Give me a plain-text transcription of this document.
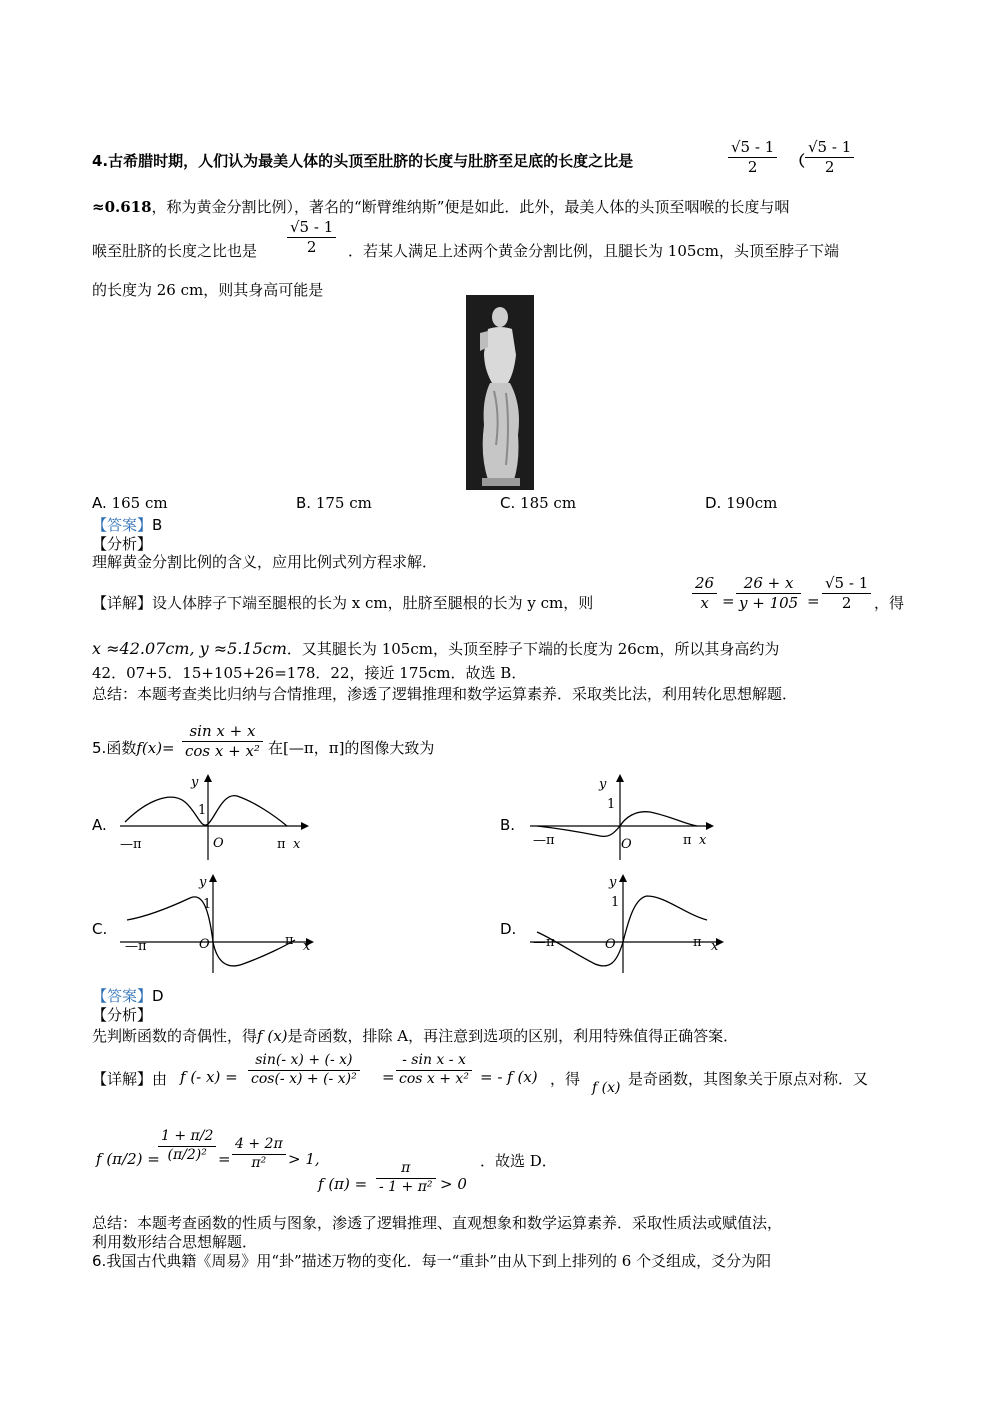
4.古希腊时期，人们认为最美人体的头顶至肚脐的长度与肚脐至足底的长度之比是	$\frac{√5 - 1}{2}$ （ $\frac{√5 - 1}{2}$
≈0.618，称为黄金分割比例），著名的“断臂维纳斯”便是如此．此外，最美人体的头顶至咽喉的长度与咽
喉至肚脐的长度之比也是 $\frac{√5 - 1}{2}$ ．若某人满足上述两个黄金分割比例，且腿长为 105cm，头顶至脖子下端
的长度为 26 cm，则其身高可能是
A. 165 cm	B. 175 cm	C. 185 cm	D. 190cm
【答案】B
【分析】
理解黄金分割比例的含义，应用比例式列方程求解．
【详解】设人体脖子下端至腿根的长为 x cm，肚脐至腿根的长为 y cm，则	$\frac{26}{x} = \frac{26 + x}{y + 105} = \frac{√5 - 1}{2}$ ，得
x ≈42.07cm, y ≈5.15cm．又其腿长为 105cm，头顶至脖子下端的长度为 26cm，所以其身高约为
42．07+5．15+105+26=178．22，接近 175cm．故选 B．
总结：本题考查类比归纳与合情推理，渗透了逻辑推理和数学运算素养．采取类比法，利用转化思想解题．
5.函数$f(x)= \frac{\text{sin x + x}}{\text{cos x + x²}}$ 在[—π，π]的图像大致为
A.
y
1
O
—π	π x
B.
y
1
O
—π	π x
C.
y
1
O
—π	π x
D.
y
1
O
—π	π x
【答案】D
【分析】
先判断函数的奇偶性，得f (x)是奇函数，排除 A，再注意到选项的区别，利用特殊值得正确答案．
【详解】由 f (- $x) = \frac{\sin(- x) + (- x)}{\text{cos(- x) + (- x)²}} = \frac{\text{- sin x - x}}{\text{cos x + x²}}$ = - f (x) ，得 f (x) 是奇函数，其图象关于原点对称．又
f (π/2) =
$\frac{1 + \pi/2}{\text{(π/2)²}} = \frac{4 + 2\pi}{\text{π²}} > 1$,
f $(\pi) = \frac{\pi}{\text{- 1 + π²}} > 0$
．故选 D．
总结：本题考查函数的性质与图象，渗透了逻辑推理、直观想象和数学运算素养．采取性质法或赋值法，
利用数形结合思想解题．
6.我国古代典籍《周易》用“卦”描述万物的变化．每一“重卦”由从下到上排列的 6 个爻组成，爻分为阳
